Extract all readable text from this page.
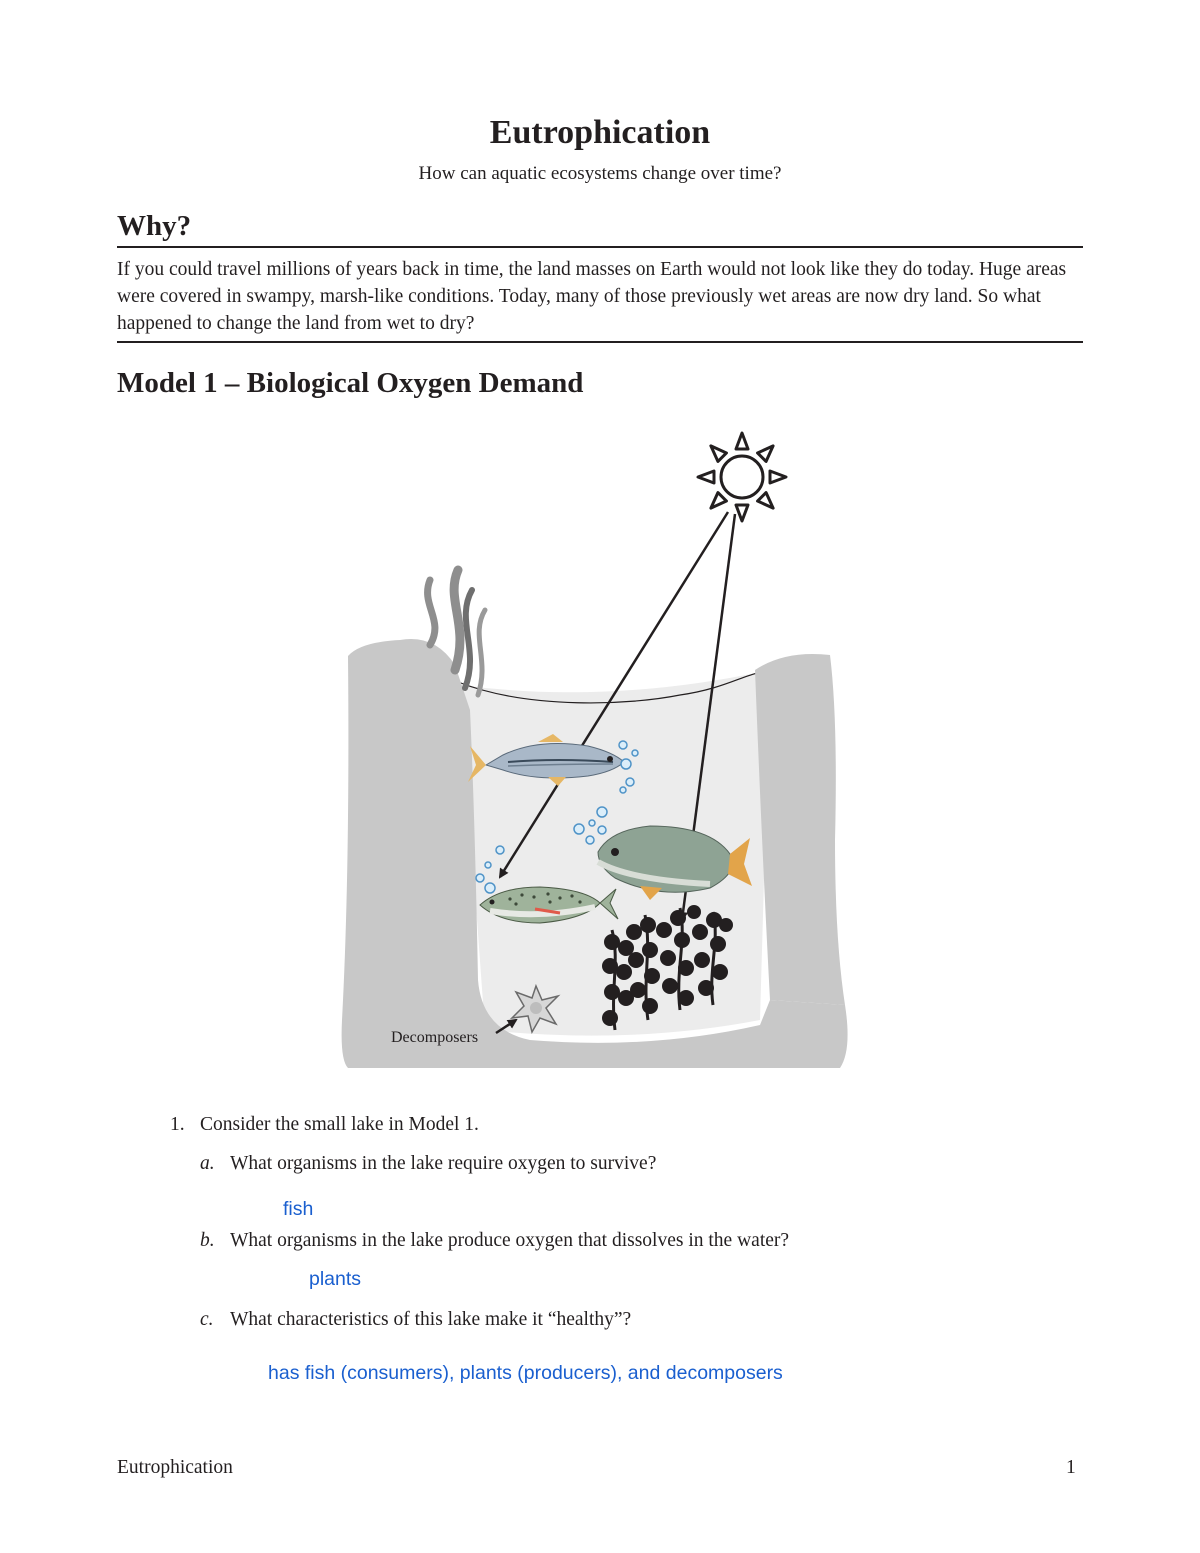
Eutrophication
How can aquatic ecosystems change over time?
Why?
If you could travel millions of years back in time, the land masses on Earth would not look like they do today. Huge areas were covered in swampy, marsh-like conditions. Today, many of those previously wet areas are now dry land. So what happened to change the land from wet to dry?
Model 1 – Biological Oxygen Demand
Decomposers
1. Consider the small lake in Model 1.
a. What organisms in the lake require oxygen to survive?
fish
b. What organisms in the lake produce oxygen that dissolves in the water?
plants
c. What characteristics of this lake make it “healthy”?
has fish (consumers), plants (producers), and decomposers
Eutrophication	1
